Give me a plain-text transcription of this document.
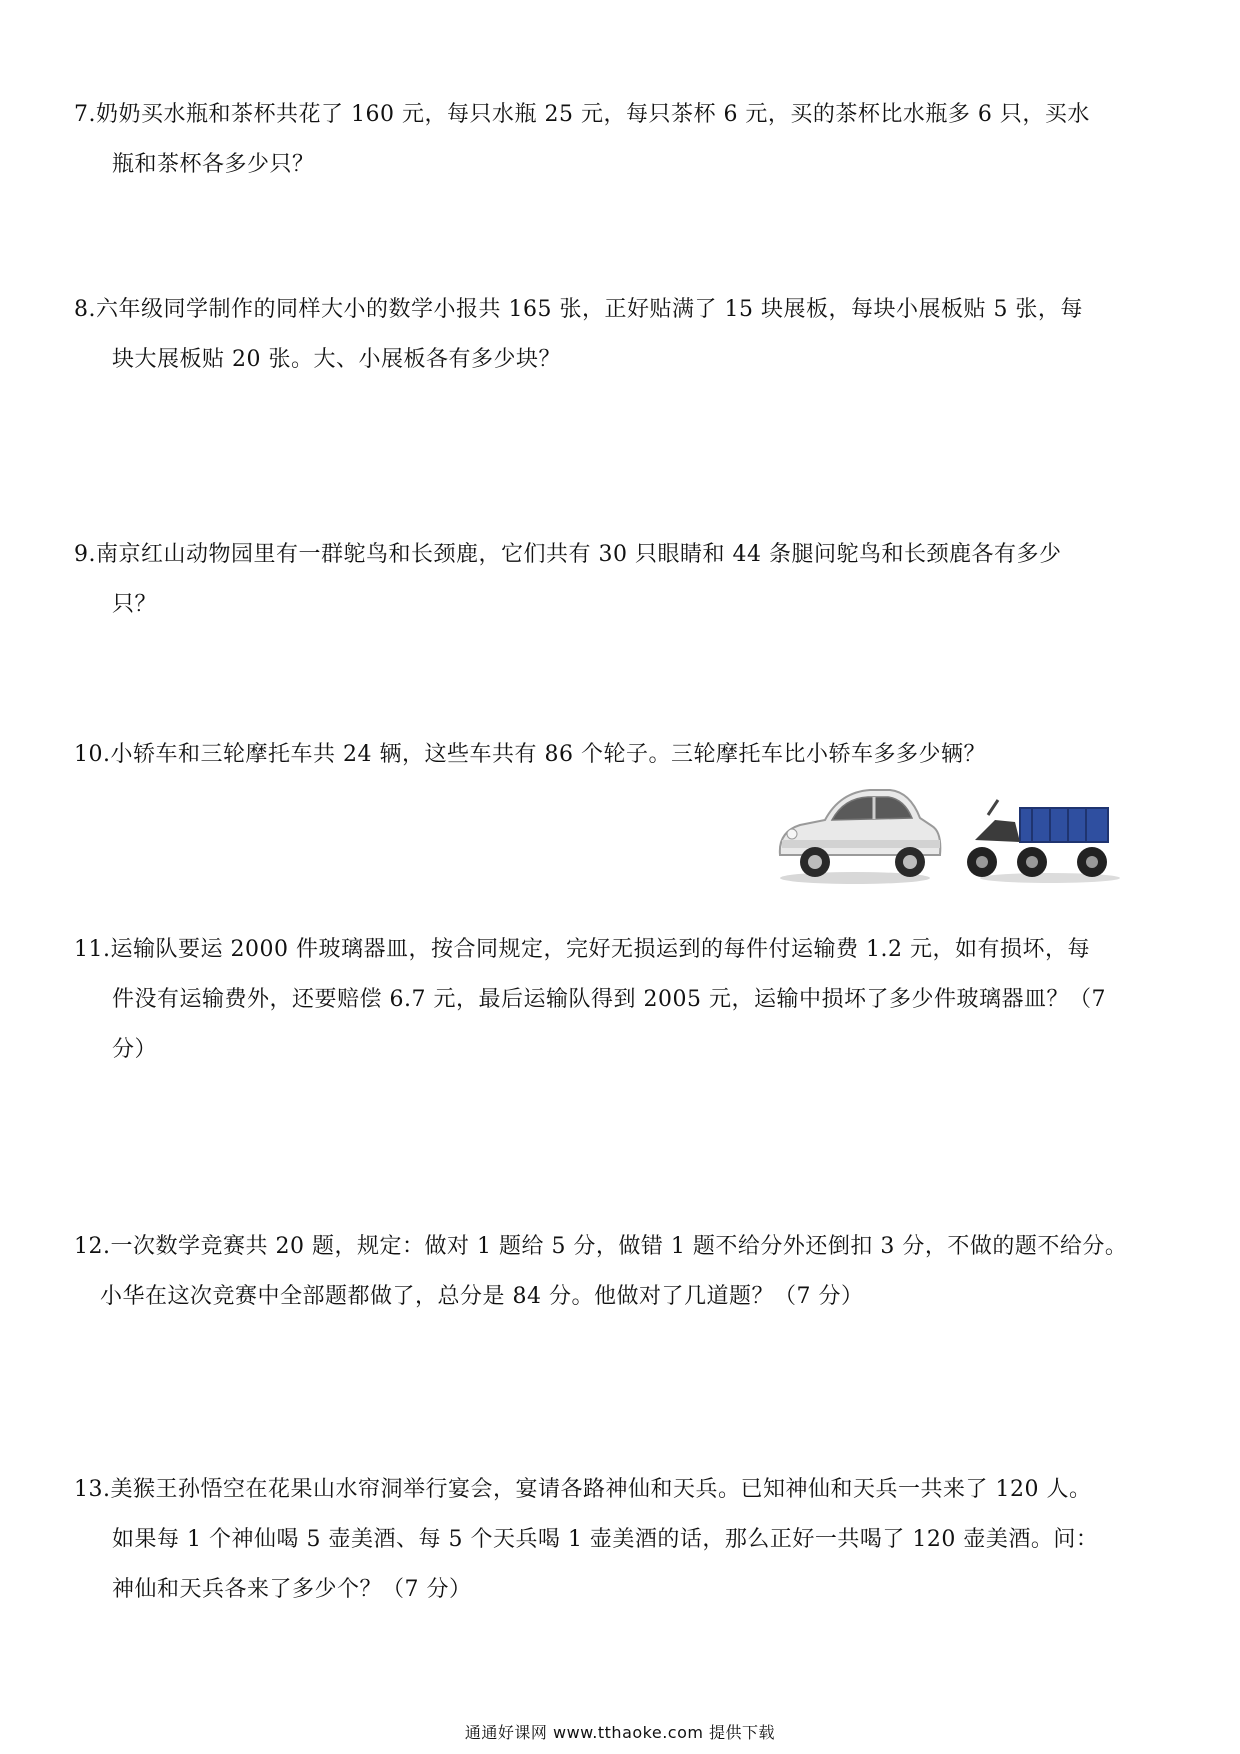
7.奶奶买水瓶和茶杯共花了 160 元，每只水瓶 25 元，每只茶杯 6 元，买的茶杯比水瓶多 6 只，买水
瓶和茶杯各多少只？
8.六年级同学制作的同样大小的数学小报共 165 张，正好贴满了 15 块展板，每块小展板贴 5 张，每
块大展板贴 20 张。大、小展板各有多少块？
9.南京红山动物园里有一群鸵鸟和长颈鹿，它们共有 30 只眼睛和 44 条腿问鸵鸟和长颈鹿各有多少
只？
10.小轿车和三轮摩托车共 24 辆，这些车共有 86 个轮子。三轮摩托车比小轿车多多少辆？
11.运输队要运 2000 件玻璃器皿，按合同规定，完好无损运到的每件付运输费 1.2 元，如有损坏，每
件没有运输费外，还要赔偿 6.7 元，最后运输队得到 2005 元，运输中损坏了多少件玻璃器皿？（7
分）
12.一次数学竞赛共 20 题，规定：做对 1 题给 5 分，做错 1 题不给分外还倒扣 3 分，不做的题不给分。
小华在这次竞赛中全部题都做了，总分是 84 分。他做对了几道题？（7 分）
13.美猴王孙悟空在花果山水帘洞举行宴会，宴请各路神仙和天兵。已知神仙和天兵一共来了 120 人。
如果每 1 个神仙喝 5 壶美酒、每 5 个天兵喝 1 壶美酒的话，那么正好一共喝了 120 壶美酒。问：
神仙和天兵各来了多少个？（7 分）
通通好课网 www.tthaoke.com 提供下载
